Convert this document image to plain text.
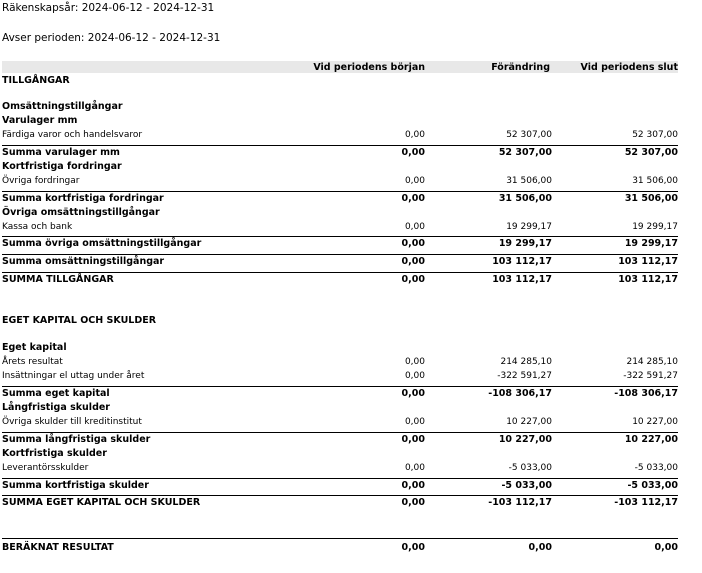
Räkenskapsår: 2024-06-12 - 2024-12-31
Avser perioden: 2024-06-12 - 2024-12-31
Vid periodens början	Förändring	Vid periodens slut
TILLGÅNGAR
Omsättningstillgångar
Varulager mm
Färdiga varor och handelsvaror	0,00	52 307,00	52 307,00
Summa varulager mm	0,00	52 307,00	52 307,00
Kortfristiga fordringar
Övriga fordringar	0,00	31 506,00	31 506,00
Summa kortfristiga fordringar	0,00	31 506,00	31 506,00
Övriga omsättningstillgångar
Kassa och bank	0,00	19 299,17	19 299,17
Summa övriga omsättningstillgångar	0,00	19 299,17	19 299,17
Summa omsättningstillgångar	0,00	103 112,17	103 112,17
SUMMA TILLGÅNGAR	0,00	103 112,17	103 112,17
EGET KAPITAL OCH SKULDER
Eget kapital
Årets resultat	0,00	214 285,10	214 285,10
Insättningar el uttag under året	0,00	-322 591,27	-322 591,27
Summa eget kapital	0,00	-108 306,17	-108 306,17
Långfristiga skulder
Övriga skulder till kreditinstitut	0,00	10 227,00	10 227,00
Summa långfristiga skulder	0,00	10 227,00	10 227,00
Kortfristiga skulder
Leverantörsskulder	0,00	-5 033,00	-5 033,00
Summa kortfristiga skulder	0,00	-5 033,00	-5 033,00
SUMMA EGET KAPITAL OCH SKULDER	0,00	-103 112,17	-103 112,17
BERÄKNAT RESULTAT	0,00	0,00	0,00
